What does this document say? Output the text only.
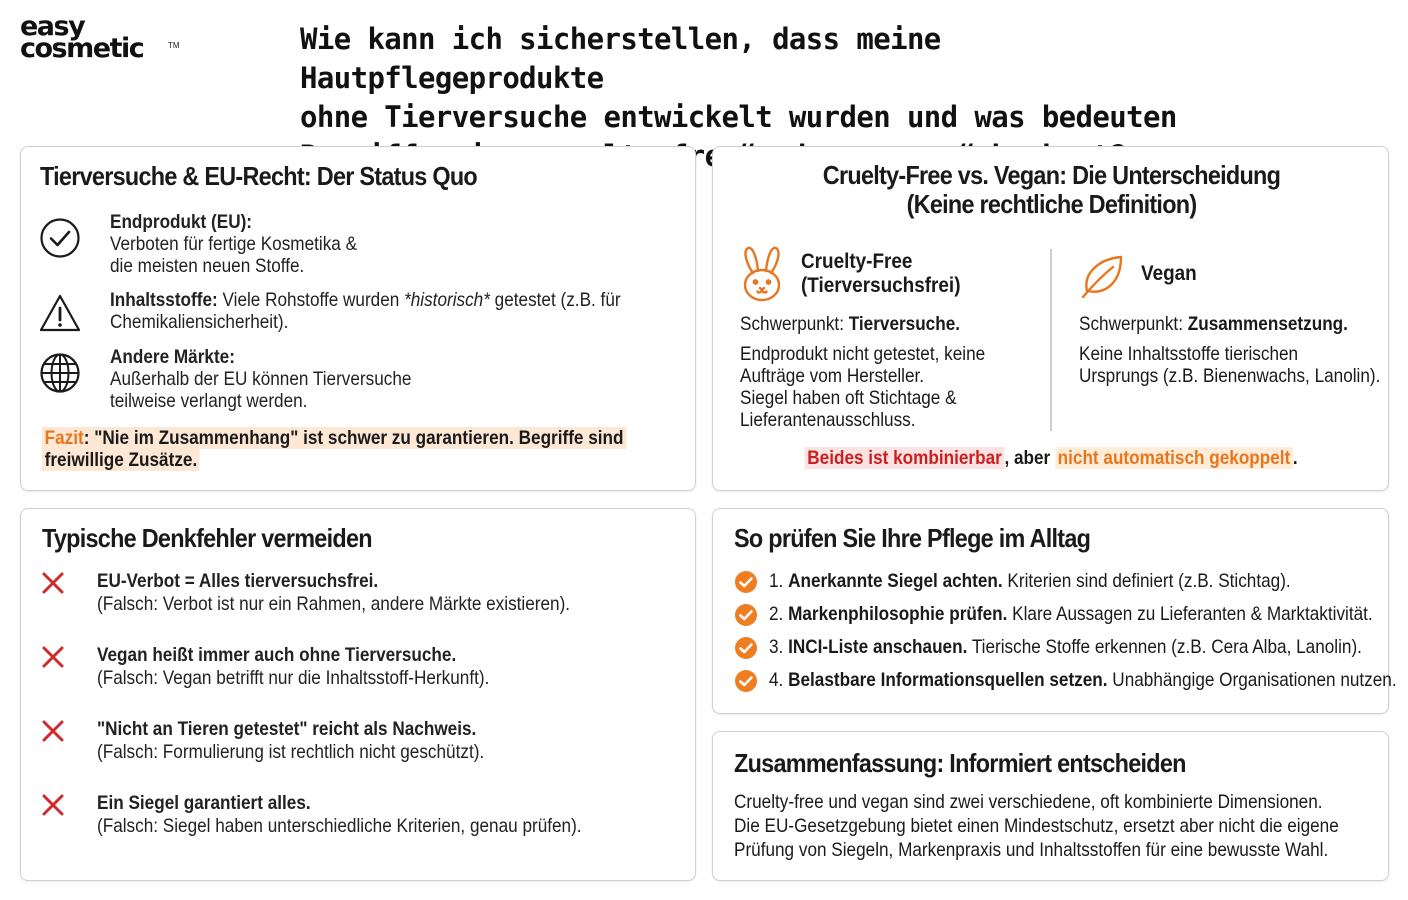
easy
cosmetic	TM	Wie kann ich sicherstellen, dass meine Hautpflegeprodukte
ohne Tierversuche entwickelt wurden und was bedeuten
Tierversuche & EU-Recht: Der Status Quo
Endprodukt (EU):
Verboten für fertige Kosmetika &
die meisten neuen Stoffe.
Inhaltsstoffe: Viele Rohstoffe wurden *historisch* getestet (z.B. für
Chemikaliensicherheit).
Andere Märkte:
Außerhalb der EU können Tierversuche
teilweise verlangt werden.
Fazit: "Nie im Zusammenhang" ist schwer zu garantieren. Begriffe sind
freiwillige Zusätze.
Cruelty-Free vs. Vegan: Die Unterscheidung
(Keine rechtliche Definition)
Cruelty-Free
(Tierversuchsfrei)
Schwerpunkt: Tierversuche.
Endprodukt nicht getestet, keine
Aufträge vom Hersteller.
Siegel haben oft Stichtage &
Lieferantenausschluss.
Vegan
Schwerpunkt: Zusammensetzung.
Keine Inhaltsstoffe tierischen
Ursprungs (z.B. Bienenwachs, Lanolin).
Beides ist kombinierbar , aber nicht automatisch gekoppelt .
Typische Denkfehler vermeiden
EU-Verbot = Alles tierversuchsfrei.
(Falsch: Verbot ist nur ein Rahmen, andere Märkte existieren).
Vegan heißt immer auch ohne Tierversuche.
(Falsch: Vegan betrifft nur die Inhaltsstoff-Herkunft).
"Nicht an Tieren getestet" reicht als Nachweis.
(Falsch: Formulierung ist rechtlich nicht geschützt).
Ein Siegel garantiert alles.
(Falsch: Siegel haben unterschiedliche Kriterien, genau prüfen).
So prüfen Sie Ihre Pflege im Alltag
1. Anerkannte Siegel achten. Kriterien sind definiert (z.B. Stichtag).
2. Markenphilosophie prüfen. Klare Aussagen zu Lieferanten & Marktaktivität.
3. INCI-Liste anschauen. Tierische Stoffe erkennen (z.B. Cera Alba, Lanolin).
4. Belastbare Informationsquellen setzen. Unabhängige Organisationen nutzen.
Zusammenfassung: Informiert entscheiden
Cruelty-free und vegan sind zwei verschiedene, oft kombinierte Dimensionen.
Die EU-Gesetzgebung bietet einen Mindestschutz, ersetzt aber nicht die eigene
Prüfung von Siegeln, Markenpraxis und Inhaltsstoffen für eine bewusste Wahl.
